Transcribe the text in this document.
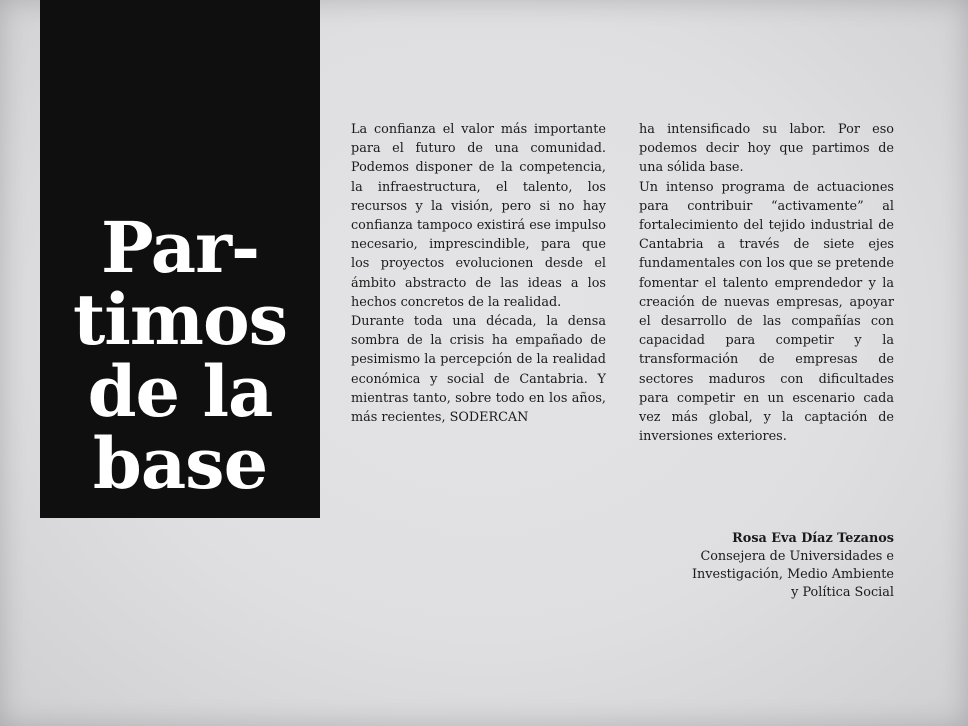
Par-
timos
de la
base

La confianza el valor más importante para el futuro de una comunidad. Podemos disponer de la competencia, la infraestructura, el talento, los recursos y la visión, pero si no hay confianza tampoco existirá ese impulso necesario, imprescindible, para que los proyectos evolucionen desde el ámbito abstracto de las ideas a los hechos concretos de la realidad.

Durante toda una década, la densa sombra de la crisis ha empañado de pesimismo la percepción de la realidad económica y social de Cantabria. Y mientras tanto, sobre todo en los años, más recientes, SODERCAN

ha intensificado su labor. Por eso podemos decir hoy que partimos de una sólida base.

Un intenso programa de actuaciones para contribuir “activamente” al fortalecimiento del tejido industrial de Cantabria a través de siete ejes fundamentales con los que se pretende fomentar el talento emprendedor y la creación de nuevas empresas, apoyar el desarrollo de las compañías con capacidad para competir y la transformación de empresas de sectores maduros con dificultades para competir en un escenario cada vez más global, y la captación de inversiones exteriores.

Rosa Eva Díaz Tezanos
Consejera de Universidades e
Investigación, Medio Ambiente
y Política Social
